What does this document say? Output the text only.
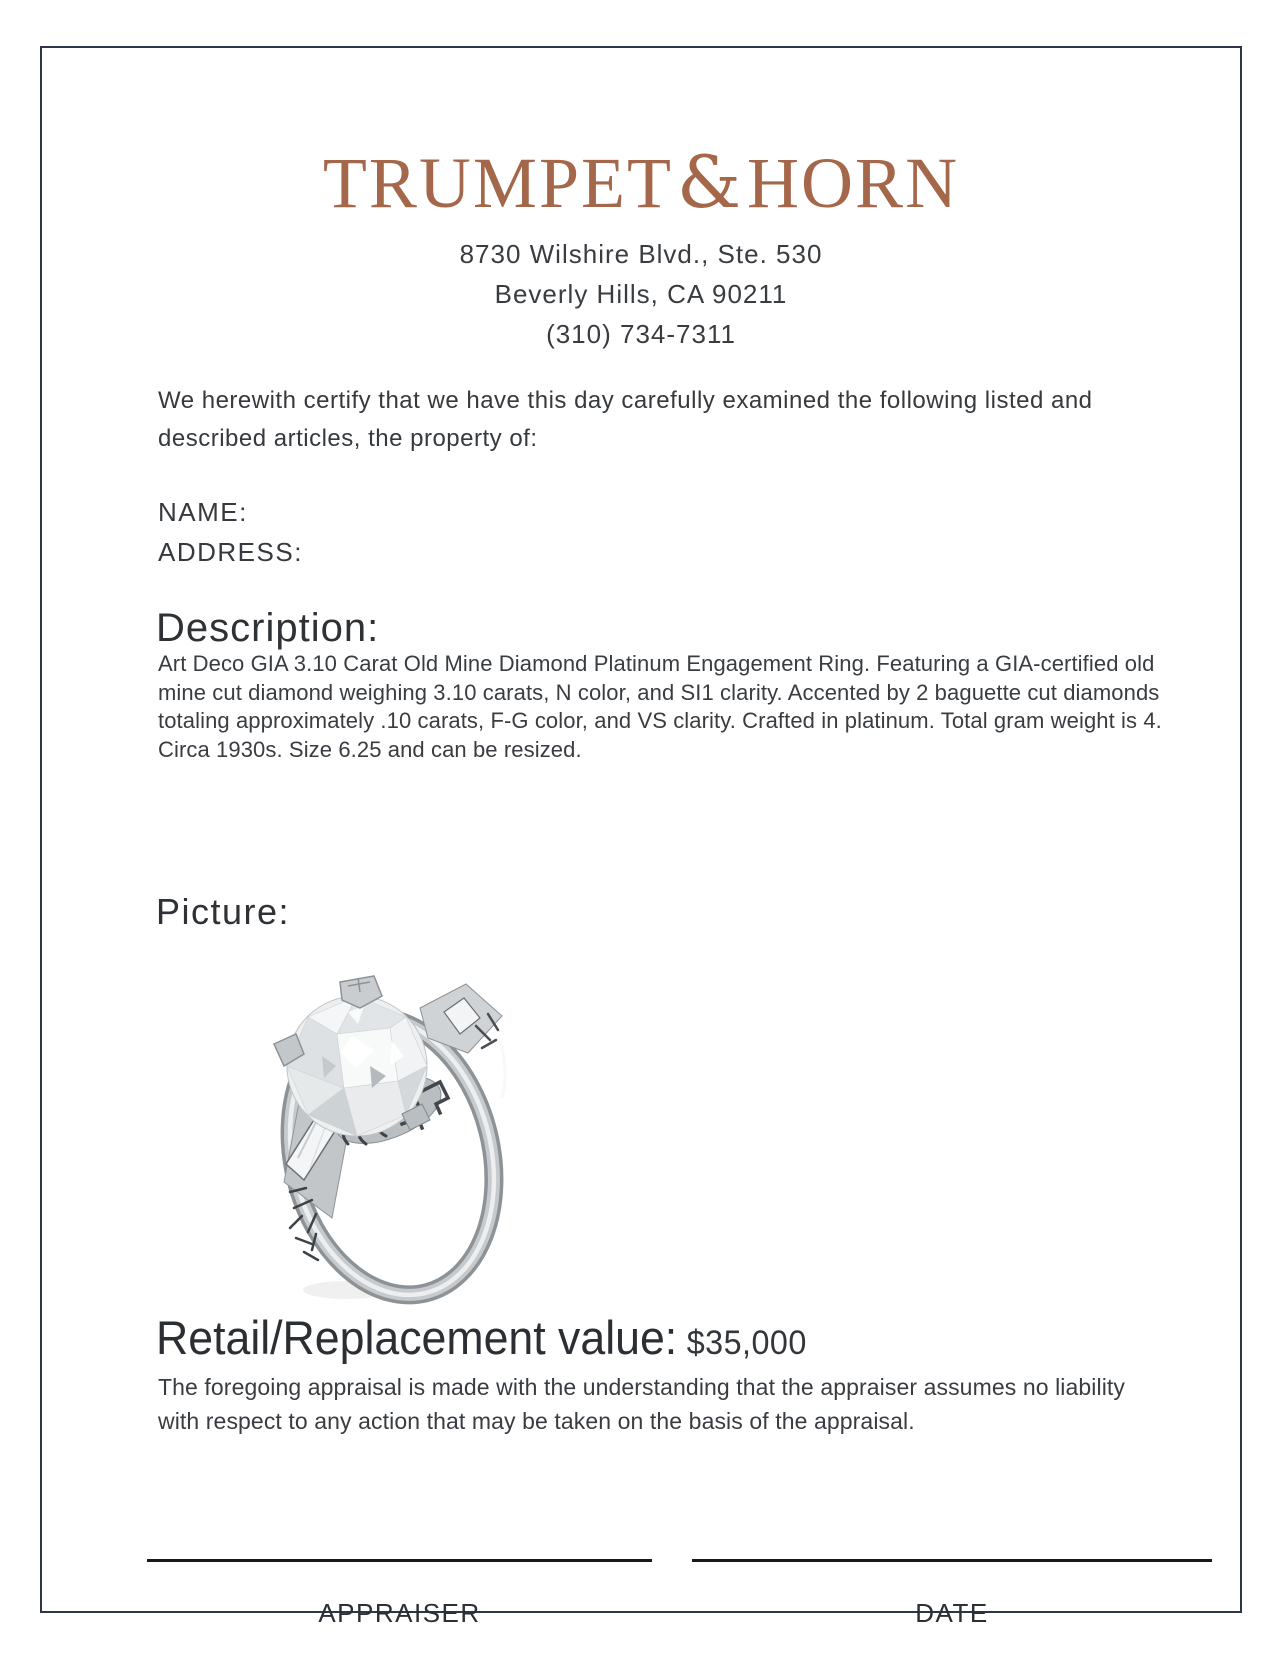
TRUMPET&HORN
8730 Wilshire Blvd., Ste. 530
Beverly Hills, CA 90211
(310) 734-7311
We herewith certify that we have this day carefully examined the following listed and described articles, the property of:
NAME:
ADDRESS:
Description:
Art Deco GIA 3.10 Carat Old Mine Diamond Platinum Engagement Ring. Featuring a GIA-certified old mine cut diamond weighing 3.10 carats, N color, and SI1 clarity. Accented by 2 baguette cut diamonds totaling approximately .10 carats, F-G color, and VS clarity. Crafted in platinum. Total gram weight is 4. Circa 1930s. Size 6.25 and can be resized.
Picture:
Retail/Replacement value: $35,000
The foregoing appraisal is made with the understanding that the appraiser assumes no liability with respect to any action that may be taken on the basis of the appraisal.
APPRAISER	DATE
